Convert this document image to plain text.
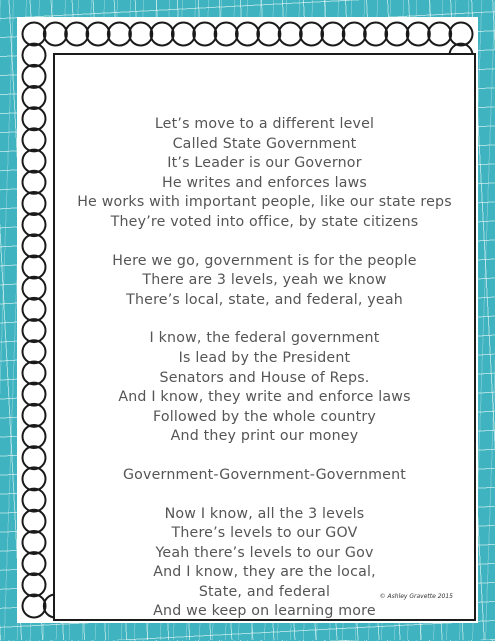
Let’s move to a different level
Called State Government
It’s Leader is our Governor
He writes and enforces laws
He works with important people, like our state reps
They’re voted into office, by state citizens
Here we go, government is for the people
There are 3 levels, yeah we know
There’s local, state, and federal, yeah
I know, the federal government
Is lead by the President
Senators and House of Reps.
And I know, they write and enforce laws
Followed by the whole country
And they print our money
Government-Government-Government
Now I know, all the 3 levels
There’s levels to our GOV
Yeah there’s levels to our Gov
And I know, they are the local,
State, and federal
And we keep on learning more
© Ashley Gravette 2015
